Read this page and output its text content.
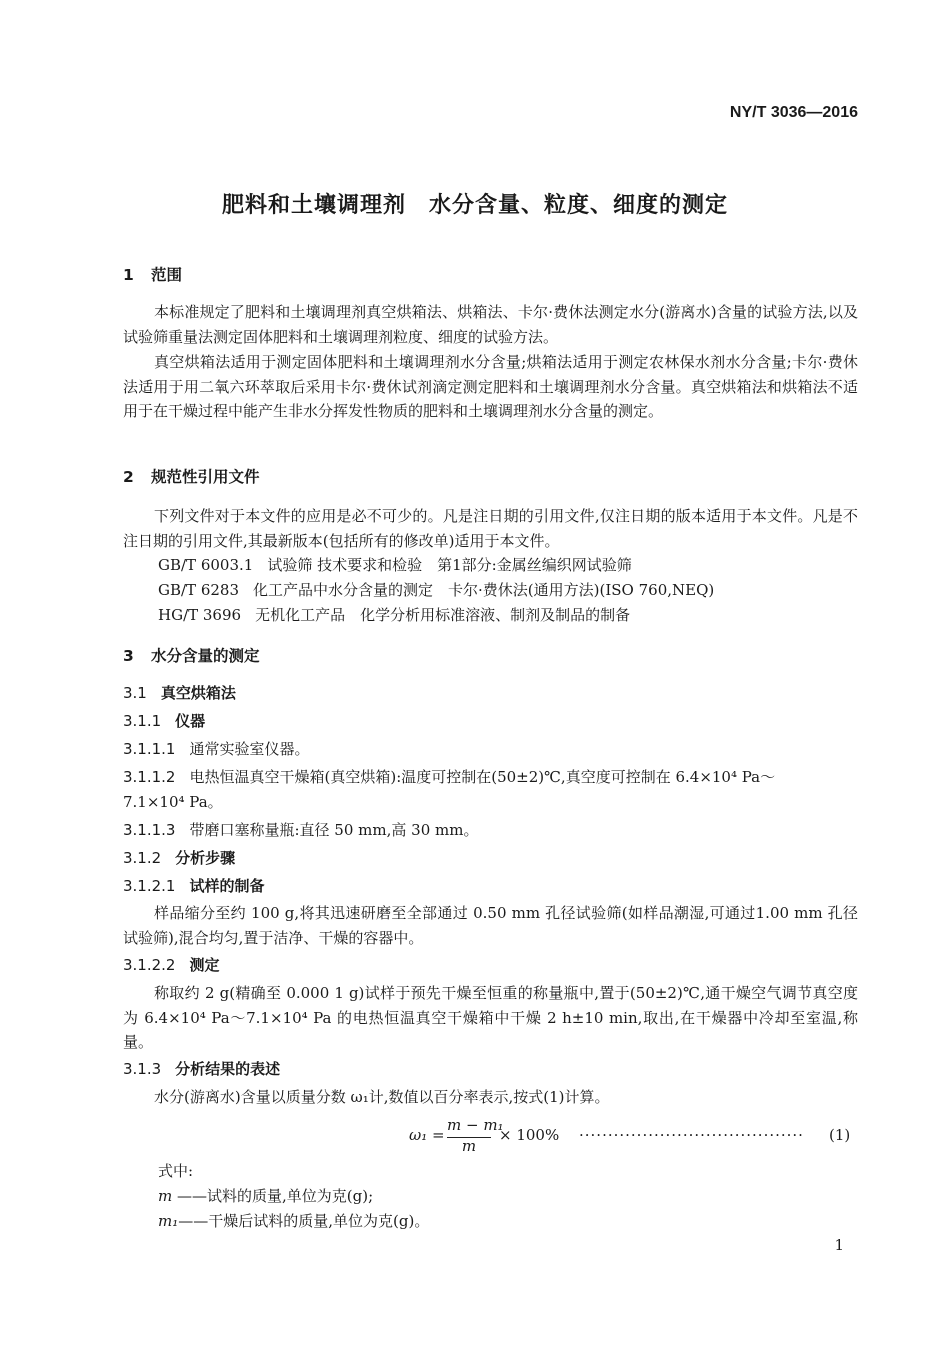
NY/T 3036—2016
肥料和土壤调理剂　水分含量、粒度、细度的测定
1 范围
本标准规定了肥料和土壤调理剂真空烘箱法、烘箱法、卡尔·费休法测定水分(游离水)含量的试验方法,以及试验筛重量法测定固体肥料和土壤调理剂粒度、细度的试验方法。
真空烘箱法适用于测定固体肥料和土壤调理剂水分含量;烘箱法适用于测定农林保水剂水分含量;卡尔·费休法适用于用二氧六环萃取后采用卡尔·费休试剂滴定测定肥料和土壤调理剂水分含量。真空烘箱法和烘箱法不适用于在干燥过程中能产生非水分挥发性物质的肥料和土壤调理剂水分含量的测定。
2 规范性引用文件
下列文件对于本文件的应用是必不可少的。凡是注日期的引用文件,仅注日期的版本适用于本文件。凡是不注日期的引用文件,其最新版本(包括所有的修改单)适用于本文件。
GB/T 6003.1 试验筛 技术要求和检验　第1部分:金属丝编织网试验筛
GB/T 6283 化工产品中水分含量的测定　卡尔·费休法(通用方法)(ISO 760,NEQ)
HG/T 3696 无机化工产品　化学分析用标准溶液、制剂及制品的制备
3 水分含量的测定
3.1 真空烘箱法
3.1.1 仪器
3.1.1.1 通常实验室仪器。
3.1.1.2 电热恒温真空干燥箱(真空烘箱):温度可控制在(50±2)℃,真空度可控制在 6.4×10⁴ Pa～
7.1×10⁴ Pa。
3.1.1.3 带磨口塞称量瓶:直径 50 mm,高 30 mm。
3.1.2 分析步骤
3.1.2.1 试样的制备
样品缩分至约 100 g,将其迅速研磨至全部通过 0.50 mm 孔径试验筛(如样品潮湿,可通过1.00 mm 孔径试验筛),混合均匀,置于洁净、干燥的容器中。
3.1.2.2 测定
称取约 2 g(精确至 0.000 1 g)试样于预先干燥至恒重的称量瓶中,置于(50±2)℃,通干燥空气调节真空度为 6.4×10⁴ Pa～7.1×10⁴ Pa 的电热恒温真空干燥箱中干燥 2 h±10 min,取出,在干燥器中冷却至室温,称量。
3.1.3 分析结果的表述
水分(游离水)含量以质量分数 ω₁计,数值以百分率表示,按式(1)计算。
ω₁ =
m − m₁
m
× 100% ······································· (1)
式中:
m ——试料的质量,单位为克(g);
m₁——干燥后试料的质量,单位为克(g)。
1
